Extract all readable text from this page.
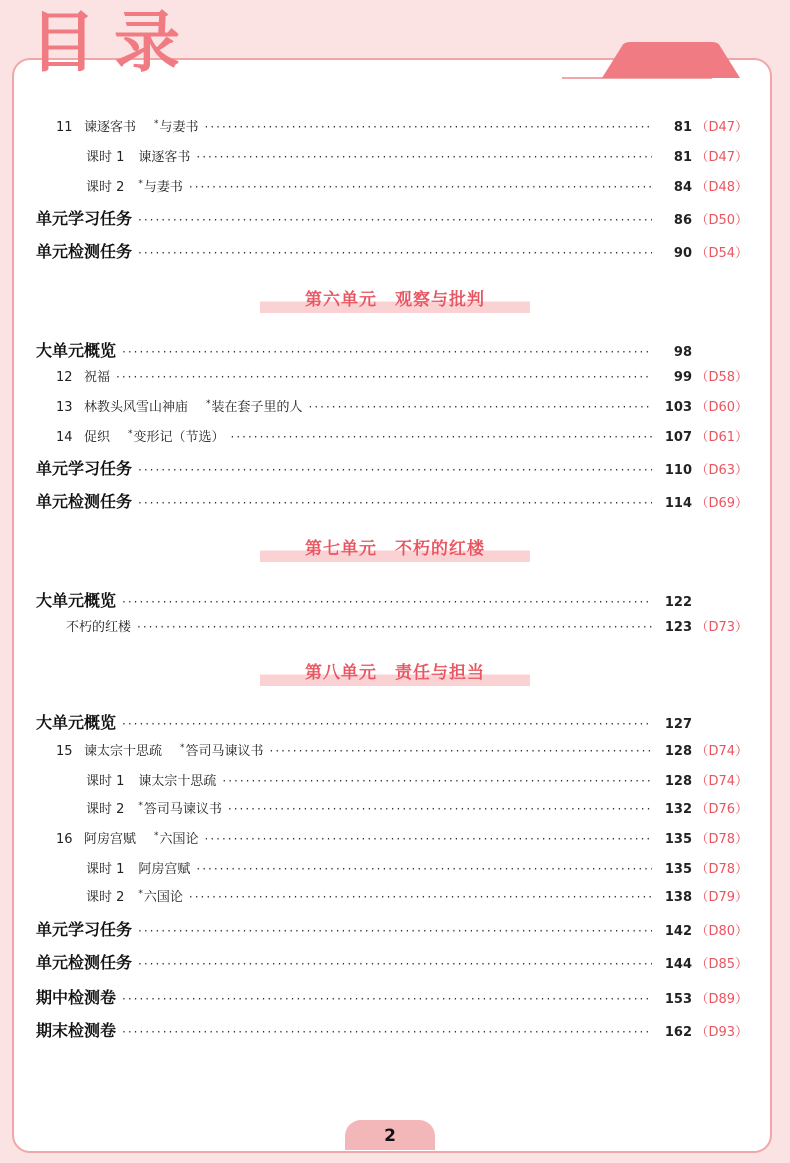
目录
11 谏逐客书 *与妻书 ·····	81 （D47）
课时 1 谏逐客书 ·····	81 （D47）
课时 2 *与妻书 ·····	84 （D48）
单元学习任务 ·····	86 （D50）
单元检测任务 ·····	90 （D54）
第六单元　观察与批判
大单元概览 ·····	98
12 祝福 ·····	99 （D58）
13 林教头风雪山神庙 *装在套子里的人 ·····	103 （D60）
14 促织 *变形记（节选） ·····	107 （D61）
单元学习任务 ·····	110 （D63）
单元检测任务 ·····	114 （D69）
第七单元　不朽的红楼
大单元概览 ·····	122
不朽的红楼 ·····	123 （D73）
第八单元　责任与担当
大单元概览 ·····	127
15 谏太宗十思疏 *答司马谏议书 ·····	128 （D74）
课时 1 谏太宗十思疏 ·····	128 （D74）
课时 2 *答司马谏议书 ·····	132 （D76）
16 阿房宫赋 *六国论 ·····	135 （D78）
课时 1 阿房宫赋 ·····	135 （D78）
课时 2 *六国论 ·····	138 （D79）
单元学习任务 ·····	142 （D80）
单元检测任务 ·····	144 （D85）
期中检测卷 ·····	153 （D89）
期末检测卷 ·····	162 （D93）
2
